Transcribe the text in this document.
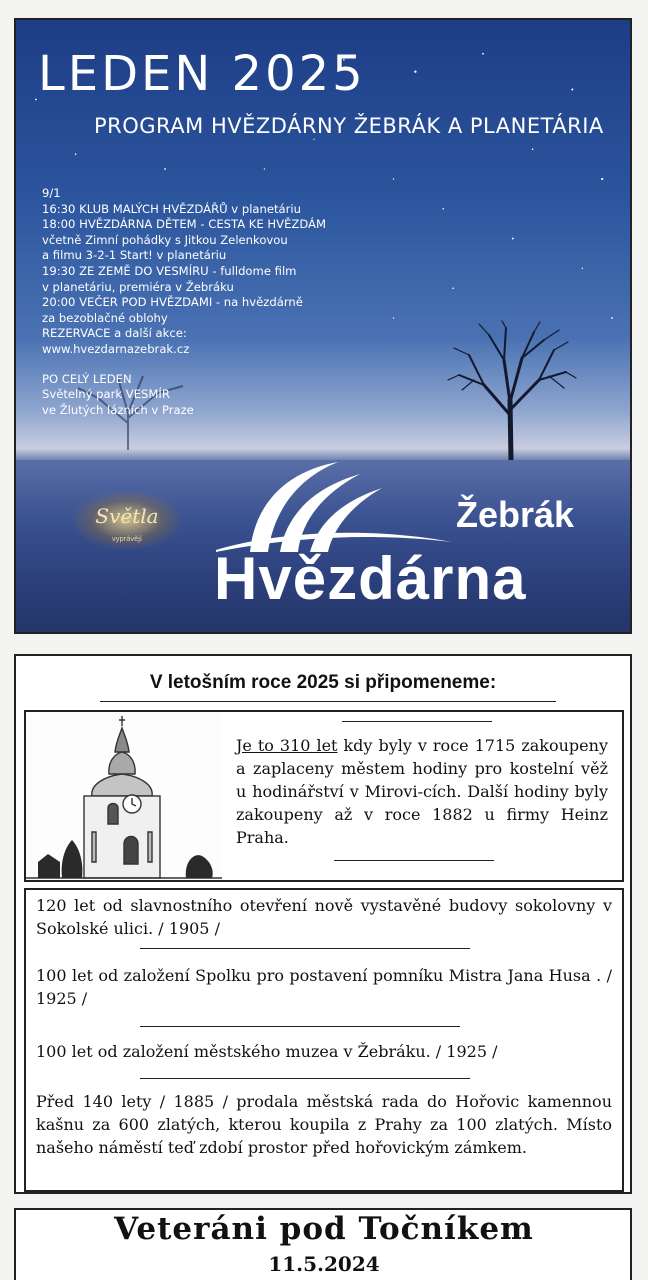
LEDEN 2025
PROGRAM HVĚZDÁRNY ŽEBRÁK A PLANETÁRIA
9/1
16:30 KLUB MALÝCH HVĚZDÁŘŮ v planetáriu
18:00 HVĚZDÁRNA DĚTEM - CESTA KE HVĚZDÁM
včetně Zimní pohádky s Jitkou Zelenkovou
a filmu 3-2-1 Start! v planetáriu
19:30 ZE ZEMĚ DO VESMÍRU - fulldome film
v planetáriu, premiéra v Žebráku
20:00 VEČER POD HVĚZDAMI - na hvězdárně
za bezoblačné oblohy
REZERVACE a další akce:
www.hvezdarnazebrak.cz
PO CELÝ LEDEN
Světelný park VESMÍR
ve Žlutých lázních v Praze
Světla
vyprávějí
Žebrák
Hvězdárna
V letošním roce 2025 si připomeneme:
Je to 310 let kdy byly v roce 1715 zakoupeny a zaplaceny městem hodiny pro kostelní věž u hodinářství v Mirovi-cích. Další hodiny byly zakoupeny až v roce 1882 u firmy Heinz Praha.
120 let od slavnostního otevření nově vystavěné budovy sokolovny v Sokolské ulici. / 1905 /
100 let od založení Spolku pro postavení pomníku Mistra Jana Husa . / 1925 /
100 let od založení městského muzea v Žebráku. / 1925 /
Před 140 lety / 1885 / prodala městská rada do Hořovic kamennou kašnu za 600 zlatých, kterou koupila z Prahy za 100 zlatých. Místo našeho náměstí teď zdobí prostor před hořovickým zámkem.
Veteráni pod Točníkem
11.5.2024
